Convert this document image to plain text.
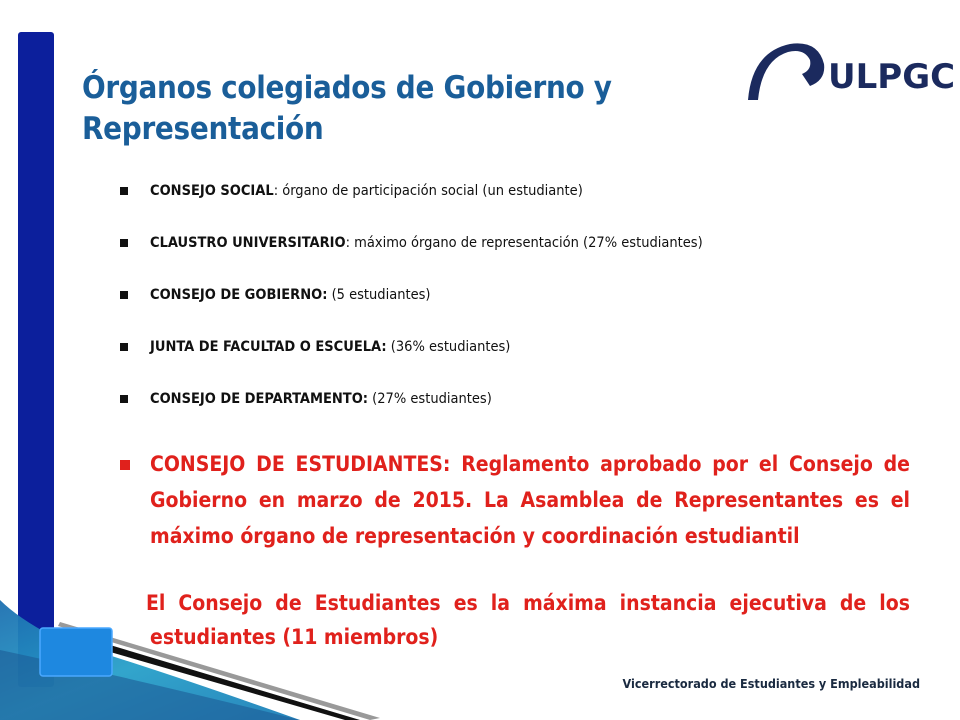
Órganos colegiados de Gobierno y Representación
ULPGC
CONSEJO SOCIAL: órgano de participación social (un estudiante)
CLAUSTRO UNIVERSITARIO: máximo órgano de representación (27% estudiantes)
CONSEJO DE GOBIERNO: (5 estudiantes)
JUNTA DE FACULTAD O ESCUELA: (36% estudiantes)
CONSEJO DE DEPARTAMENTO: (27% estudiantes)
CONSEJO DE ESTUDIANTES: Reglamento aprobado por el Consejo de Gobierno en marzo de 2015. La Asamblea de Representantes es el máximo órgano de representación y coordinación estudiantil
El Consejo de Estudiantes es la máxima instancia ejecutiva de los estudiantes (11 miembros)
Vicerrectorado de Estudiantes y Empleabilidad
